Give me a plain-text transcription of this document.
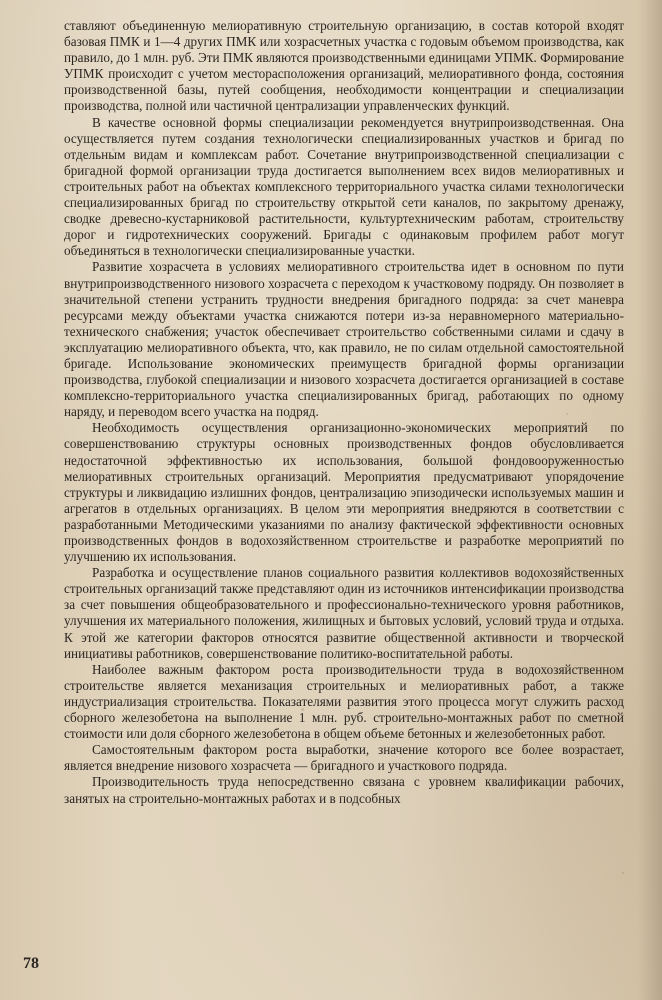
ставляют объединенную мелиоративную строительную организацию, в состав которой входят базовая ПМК и 1—4 других ПМК или хозрасчетных участка с годовым объемом производства, как правило, до 1 млн. руб. Эти ПМК являются производственными единицами УПМК. Формирование УПМК происходит с учетом месторасположения организаций, мелиоративного фонда, состояния производственной базы, путей сообщения, необходимости концентрации и специализации производства, полной или частичной централизации управленческих функций.

В качестве основной формы специализации рекомендуется внутрипроизводственная. Она осуществляется путем создания технологически специализированных участков и бригад по отдельным видам и комплексам работ. Сочетание внутрипроизводственной специализации с бригадной формой организации труда достигается выполнением всех видов мелиоративных и строительных работ на объектах комплексного территориального участка силами технологически специализированных бригад по строительству открытой сети каналов, по закрытому дренажу, сводке древесно-кустарниковой растительности, культуртехническим работам, строительству дорог и гидротехнических сооружений. Бригады с одинаковым профилем работ могут объединяться в технологически специализированные участки.

Развитие хозрасчета в условиях мелиоративного строительства идет в основном по пути внутрипроизводственного низового хозрасчета с переходом к участковому подряду. Он позволяет в значительной степени устранить трудности внедрения бригадного подряда: за счет маневра ресурсами между объектами участка снижаются потери из-за неравномерного материально-технического снабжения; участок обеспечивает строительство собственными силами и сдачу в эксплуатацию мелиоративного объекта, что, как правило, не по силам отдельной самостоятельной бригаде. Использование экономических преимуществ бригадной формы организации производства, глубокой специализации и низового хозрасчета достигается организацией в составе комплексно-территориального участка специализированных бригад, работающих по одному наряду, и переводом всего участка на подряд.

Необходимость осуществления организационно-экономических мероприятий по совершенствованию структуры основных производственных фондов обусловливается недостаточной эффективностью их использования, большой фондовооруженностью мелиоративных строительных организаций. Мероприятия предусматривают упорядочение структуры и ликвидацию излишних фондов, централизацию эпизодически используемых машин и агрегатов в отдельных организациях. В целом эти мероприятия внедряются в соответствии с разработанными Методическими указаниями по анализу фактической эффективности основных производственных фондов в водохозяйственном строительстве и разработке мероприятий по улучшению их использования.

Разработка и осуществление планов социального развития коллективов водохозяйственных строительных организаций также представляют один из источников интенсификации производства за счет повышения общеобразовательного и профессионально-технического уровня работников, улучшения их материального положения, жилищных и бытовых условий, условий труда и отдыха. К этой же категории факторов относятся развитие общественной активности и творческой инициативы работников, совершенствование политико-воспитательной работы.

Наиболее важным фактором роста производительности труда в водохозяйственном строительстве является механизация строительных и мелиоративных работ, а также индустриализация строительства. Показателями развития этого процесса могут служить расход сборного железобетона на выполнение 1 млн. руб. строительно-монтажных работ по сметной стоимости или доля сборного железобетона в общем объеме бетонных и железобетонных работ.

Самостоятельным фактором роста выработки, значение которого все более возрастает, является внедрение низового хозрасчета — бригадного и участкового подряда.

Производительность труда непосредственно связана с уровнем квалификации рабочих, занятых на строительно-монтажных работах и в подсобных

78
